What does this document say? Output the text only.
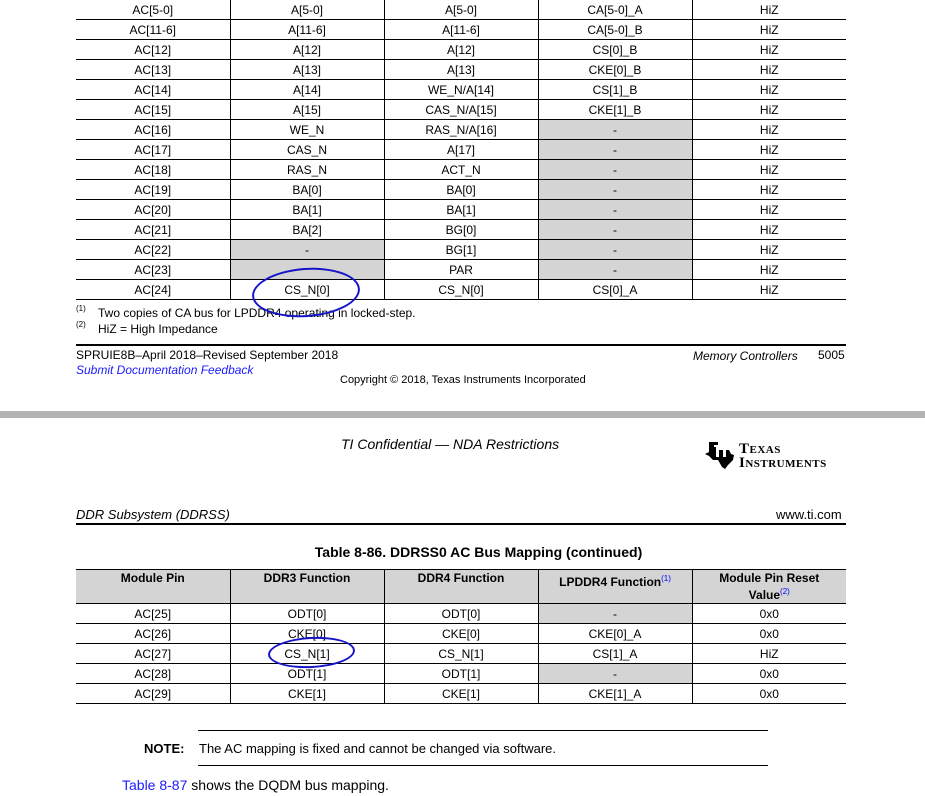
AC[5-0]	A[5-0]	A[5-0]	CA[5-0]_A	HiZ
AC[11-6]	A[11-6]	A[11-6]	CA[5-0]_B	HiZ
AC[12]	A[12]	A[12]	CS[0]_B	HiZ
AC[13]	A[13]	A[13]	CKE[0]_B	HiZ
AC[14]	A[14]	WE_N/A[14]	CS[1]_B	HiZ
AC[15]	A[15]	CAS_N/A[15]	CKE[1]_B	HiZ
AC[16]	WE_N	RAS_N/A[16]	-	HiZ
AC[17]	CAS_N	A[17]	-	HiZ
AC[18]	RAS_N	ACT_N	-	HiZ
AC[19]	BA[0]	BA[0]	-	HiZ
AC[20]	BA[1]	BA[1]	-	HiZ
AC[21]	BA[2]	BG[0]	-	HiZ
AC[22]	-	BG[1]	-	HiZ
AC[23]		PAR	-	HiZ
AC[24]	CS_N[0]	CS_N[0]	CS[0]_A	HiZ
(1) Two copies of CA bus for LPDDR4 operating in locked-step.
(2) HiZ = High Impedance
SPRUIE8B–April 2018–Revised September 2018
Submit Documentation Feedback
Memory Controllers 5005
Copyright © 2018, Texas Instruments Incorporated
TI Confidential — NDA Restrictions	Texas
Instruments
DDR Subsystem (DDRSS)	www.ti.com
Table 8-86. DDRSS0 AC Bus Mapping (continued)
Module Pin	DDR3 Function	DDR4 Function	LPDDR4 Function$^{(1)}$	Module Pin Reset Value$^{(2)}$
AC[25]	ODT[0]	ODT[0]	-	0x0
AC[26]	CKE[0]	CKE[0]	CKE[0]_A	0x0
AC[27]	CS_N[1]	CS_N[1]	CS[1]_A	HiZ
AC[28]	ODT[1]	ODT[1]	-	0x0
AC[29]	CKE[1]	CKE[1]	CKE[1]_A	0x0
NOTE: The AC mapping is fixed and cannot be changed via software.
Table 8-87 shows the DQDM bus mapping.
